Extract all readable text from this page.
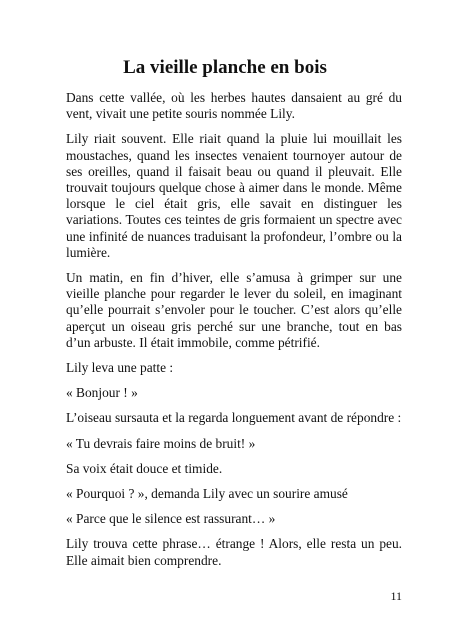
La vieille planche en bois

Dans cette vallée, où les herbes hautes dansaient au gré du vent, vivait une petite souris nommée Lily.

Lily riait souvent. Elle riait quand la pluie lui mouillait les moustaches, quand les insectes venaient tournoyer autour de ses oreilles, quand il faisait beau ou quand il pleuvait. Elle trouvait toujours quelque chose à aimer dans le monde. Même lorsque le ciel était gris, elle savait en distinguer les variations. Toutes ces teintes de gris formaient un spectre avec une infinité de nuances traduisant la profondeur, l’ombre ou la lumière.

Un matin, en fin d’hiver, elle s’amusa à grimper sur une vieille planche pour regarder le lever du soleil, en imaginant qu’elle pourrait s’envoler pour le toucher. C’est alors qu’elle aperçut un oiseau gris perché sur une branche, tout en bas d’un arbuste. Il était immobile, comme pétrifié.

Lily leva une patte :

« Bonjour ! »

L’oiseau sursauta et la regarda longuement avant de répondre :

« Tu devrais faire moins de bruit! »

Sa voix était douce et timide.

« Pourquoi ? », demanda Lily avec un sourire amusé

« Parce que le silence est rassurant… »

Lily trouva cette phrase… étrange ! Alors, elle resta un peu. Elle aimait bien comprendre.

11
